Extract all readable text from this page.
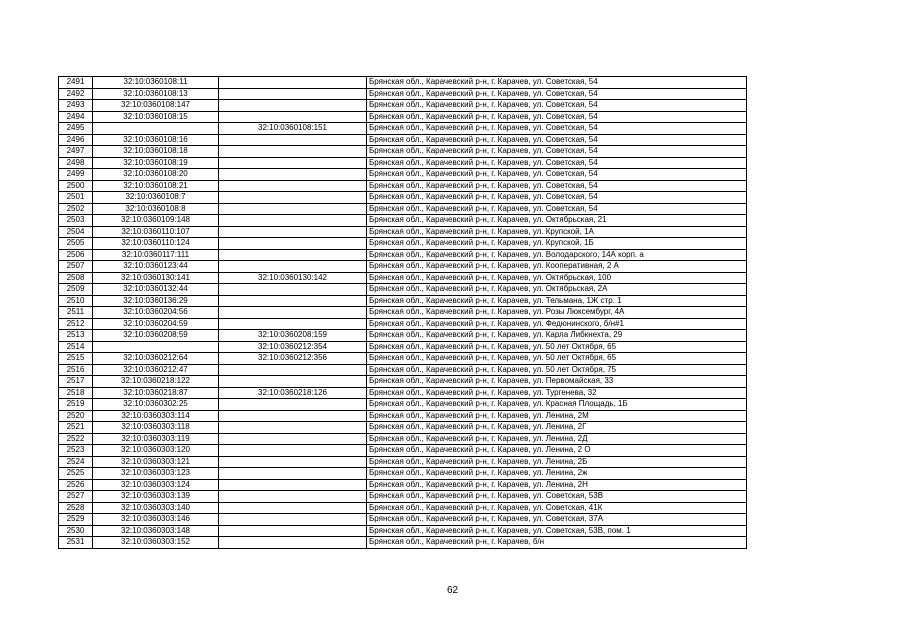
2491	32:10:0360108:11		Брянская обл., Карачевский р-н, г. Карачев, ул. Советская, 54
2492	32:10:0360108:13		Брянская обл., Карачевский р-н, г. Карачев, ул. Советская, 54
2493	32:10:0360108:147		Брянская обл., Карачевский р-н, г. Карачев, ул. Советская, 54
2494	32:10:0360108:15		Брянская обл., Карачевский р-н, г. Карачев, ул. Советская, 54
2495		32:10:0360108:151	Брянская обл., Карачевский р-н, г. Карачев, ул. Советская, 54
2496	32:10:0360108:16		Брянская обл., Карачевский р-н, г. Карачев, ул. Советская, 54
2497	32:10:0360108:18		Брянская обл., Карачевский р-н, г. Карачев, ул. Советская, 54
2498	32:10:0360108:19		Брянская обл., Карачевский р-н, г. Карачев, ул. Советская, 54
2499	32:10:0360108:20		Брянская обл., Карачевский р-н, г. Карачев, ул. Советская, 54
2500	32:10:0360108:21		Брянская обл., Карачевский р-н, г. Карачев, ул. Советская, 54
2501	32:10:0360108:7		Брянская обл., Карачевский р-н, г. Карачев, ул. Советская, 54
2502	32:10:0360108:8		Брянская обл., Карачевский р-н, г. Карачев, ул. Советская, 54
2503	32:10:0360109:148		Брянская обл., Карачевский р-н, г. Карачев, ул. Октябрьская, 21
2504	32:10:0360110:107		Брянская обл., Карачевский р-н, г. Карачев, ул. Крупской, 1А
2505	32:10:0360110:124		Брянская обл., Карачевский р-н, г. Карачев, ул. Крупской, 1Б
2506	32:10:0360117:111		Брянская обл., Карачевский р-н, г. Карачев, ул. Володарского, 14А корп. а
2507	32:10:0360123:44		Брянская обл., Карачевский р-н, г. Карачев, ул. Кооперативная, 2 А
2508	32:10:0360130:141	32:10:0360130:142	Брянская обл., Карачевский р-н, г. Карачев, ул. Октябрьская, 100
2509	32:10:0360132:44		Брянская обл., Карачевский р-н, г. Карачев, ул. Октябрьская, 2А
2510	32:10:0360136:29		Брянская обл., Карачевский р-н, г. Карачев, ул. Тельмана, 1Ж стр. 1
2511	32:10:0360204:56		Брянская обл., Карачевский р-н, г. Карачев, ул. Розы Люксембург, 4А
2512	32:10:0360204:59		Брянская обл., Карачевский р-н, г. Карачев, ул. Федюнинского, б/н#1
2513	32:10:0360208:59	32:10:0360208:159	Брянская обл., Карачевский р-н, г. Карачев, ул. Карла Либкнехта, 29
2514		32:10:0360212:354	Брянская обл., Карачевский р-н, г. Карачев, ул. 50 лет Октября, 65
2515	32:10:0360212:64	32:10:0360212:356	Брянская обл., Карачевский р-н, г. Карачев, ул. 50 лет Октября, 65
2516	32:10:0360212:47		Брянская обл., Карачевский р-н, г. Карачев, ул. 50 лет Октября, 75
2517	32:10:0360218:122		Брянская обл., Карачевский р-н, г. Карачев, ул. Первомайская, 33
2518	32:10:0360218:87	32:10:0360218:126	Брянская обл., Карачевский р-н, г. Карачев, ул. Тургенева, 32
2519	32:10:0360302:25		Брянская обл., Карачевский р-н, г. Карачев, ул. Красная Площадь, 1Б
2520	32:10:0360303:114		Брянская обл., Карачевский р-н, г. Карачев, ул. Ленина, 2М
2521	32:10:0360303:118		Брянская обл., Карачевский р-н, г. Карачев, ул. Ленина, 2Г
2522	32:10:0360303:119		Брянская обл., Карачевский р-н, г. Карачев, ул. Ленина, 2Д
2523	32:10:0360303:120		Брянская обл., Карачевский р-н, г. Карачев, ул. Ленина, 2 О
2524	32:10:0360303:121		Брянская обл., Карачевский р-н, г. Карачев, ул. Ленина, 2Б
2525	32:10:0360303:123		Брянская обл., Карачевский р-н, г. Карачев, ул. Ленина, 2ж
2526	32:10:0360303:124		Брянская обл., Карачевский р-н, г. Карачев, ул. Ленина, 2Н
2527	32:10:0360303:139		Брянская обл., Карачевский р-н, г. Карачев, ул. Советская, 53В
2528	32:10:0360303:140		Брянская обл., Карачевский р-н, г. Карачев, ул. Советская, 41К
2529	32:10:0360303:146		Брянская обл., Карачевский р-н, г. Карачев, ул. Советская, 37А
2530	32:10:0360303:148		Брянская обл., Карачевский р-н, г. Карачев, ул. Советская, 53В, пом. 1
2531	32:10:0360303:152		Брянская обл., Карачевский р-н, г. Карачев, б/н
62
